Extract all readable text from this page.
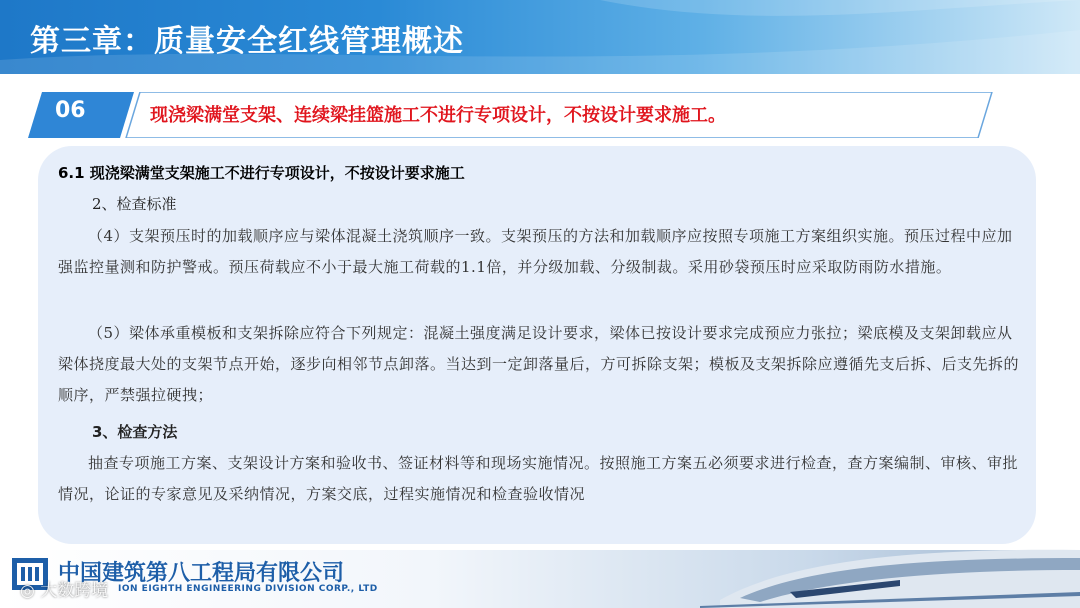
第三章：质量安全红线管理概述
06	现浇梁满堂支架、连续梁挂篮施工不进行专项设计，不按设计要求施工。
6.1 现浇梁满堂支架施工不进行专项设计，不按设计要求施工
2、检查标准
（4）支架预压时的加载顺序应与梁体混凝土浇筑顺序一致。支架预压的方法和加载顺序应按照专项施工方案组织实施。预压过程中应加强监控量测和防护警戒。预压荷载应不小于最大施工荷载的1.1倍，并分级加载、分级制裁。采用砂袋预压时应采取防雨防水措施。
（5）梁体承重模板和支架拆除应符合下列规定：混凝土强度满足设计要求，梁体已按设计要求完成预应力张拉；梁底模及支架卸载应从梁体挠度最大处的支架节点开始，逐步向相邻节点卸落。当达到一定卸落量后，方可拆除支架；模板及支架拆除应遵循先支后拆、后支先拆的顺序，严禁强拉硬拽；
3、检查方法
抽查专项施工方案、支架设计方案和验收书、签证材料等和现场实施情况。按照施工方案五必须要求进行检查，查方案编制、审核、审批情况，论证的专家意见及采纳情况，方案交底，过程实施情况和检查验收情况
中国建筑第八工程局有限公司
ION EIGHTH ENGINEERING DIVISION CORP., LTD
◎ 大数跨境
